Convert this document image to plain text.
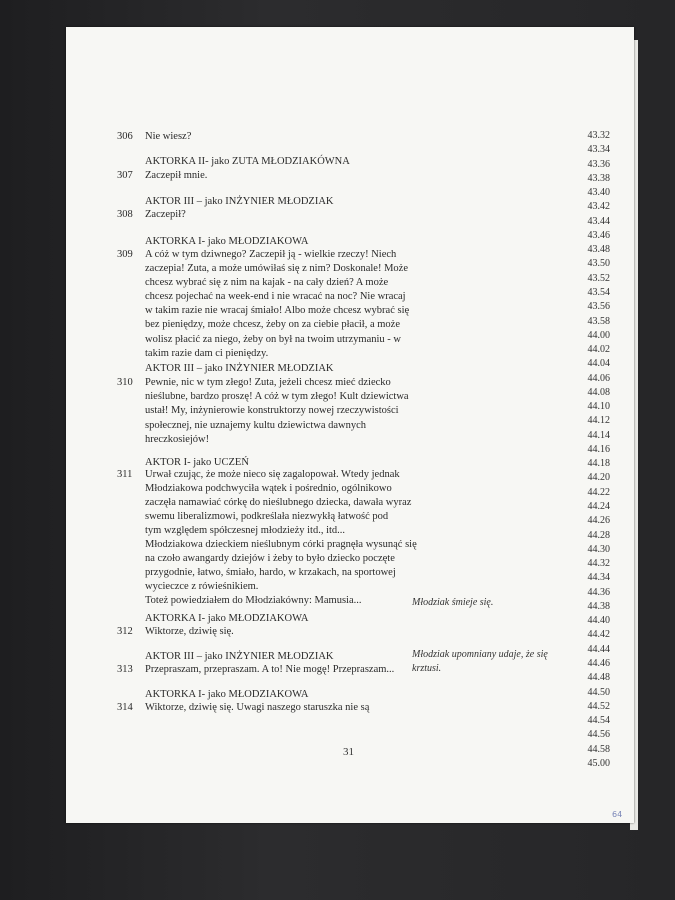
306 Nie wiesz?
AKTORKA II- jako ZUTA MŁODZIAKÓWNA
307 Zaczepił mnie.
AKTOR III – jako INŻYNIER MŁODZIAK
308 Zaczepił?
AKTORKA I- jako MŁODZIAKOWA
309 A cóż w tym dziwnego? Zaczepił ją - wielkie rzeczy! Niech
zaczepia! Zuta, a może umówiłaś się z nim? Doskonale! Może
chcesz wybrać się z nim na kajak - na cały dzień? A może
chcesz pojechać na week-end i nie wracać na noc? Nie wracaj
w takim razie nie wracaj śmiało! Albo może chcesz wybrać się
bez pieniędzy, może chcesz, żeby on za ciebie płacił, a może
wolisz płacić za niego, żeby on był na twoim utrzymaniu - w
takim razie dam ci pieniędzy.
AKTOR III – jako INŻYNIER MŁODZIAK
310 Pewnie, nic w tym złego! Zuta, jeżeli chcesz mieć dziecko
nieślubne, bardzo proszę! A cóż w tym złego! Kult dziewictwa
ustał! My, inżynierowie konstruktorzy nowej rzeczywistości
społecznej, nie uznajemy kultu dziewictwa dawnych
hreczkosiejów!
AKTOR I- jako UCZEŃ
311 Urwał czując, że może nieco się zagalopował. Wtedy jednak
Młodziakowa podchwyciła wątek i pośrednio, ogólnikowo
zaczęła namawiać córkę do nieślubnego dziecka, dawała wyraz
swemu liberalizmowi, podkreślała niezwykłą łatwość pod
tym względem spółczesnej młodzieży itd., itd...
Młodziakowa dzieckiem nieślubnym córki pragnęła wysunąć się
na czoło awangardy dziejów i żeby to było dziecko poczęte
przygodnie, łatwo, śmiało, hardo, w krzakach, na sportowej
wycieczce z rówieśnikiem.
Toteż powiedziałem do Młodziakówny: Mamusia...
AKTORKA I- jako MŁODZIAKOWA
312 Wiktorze, dziwię się.
AKTOR III – jako INŻYNIER MŁODZIAK
313 Przepraszam, przepraszam. A to! Nie mogę! Przepraszam...
AKTORKA I- jako MŁODZIAKOWA
314 Wiktorze, dziwię się. Uwagi naszego staruszka nie są
43.32
43.34
43.36
43.38
43.40
43.42
43.44
43.46
43.48
43.50
43.52
43.54
43.56
43.58
44.00
44.02
44.04
44.06
44.08
44.10
44.12
44.14
44.16
44.18
44.20
44.22
44.24
44.26
44.28
44.30
44.32
44.34
44.36
44.38
44.40
44.42
44.44
44.46
44.48
44.50
44.52
44.54
44.56
44.58
45.00
Młodziak śmieje się.
Młodziak upomniany udaje, że się
krztusi.
31
64
